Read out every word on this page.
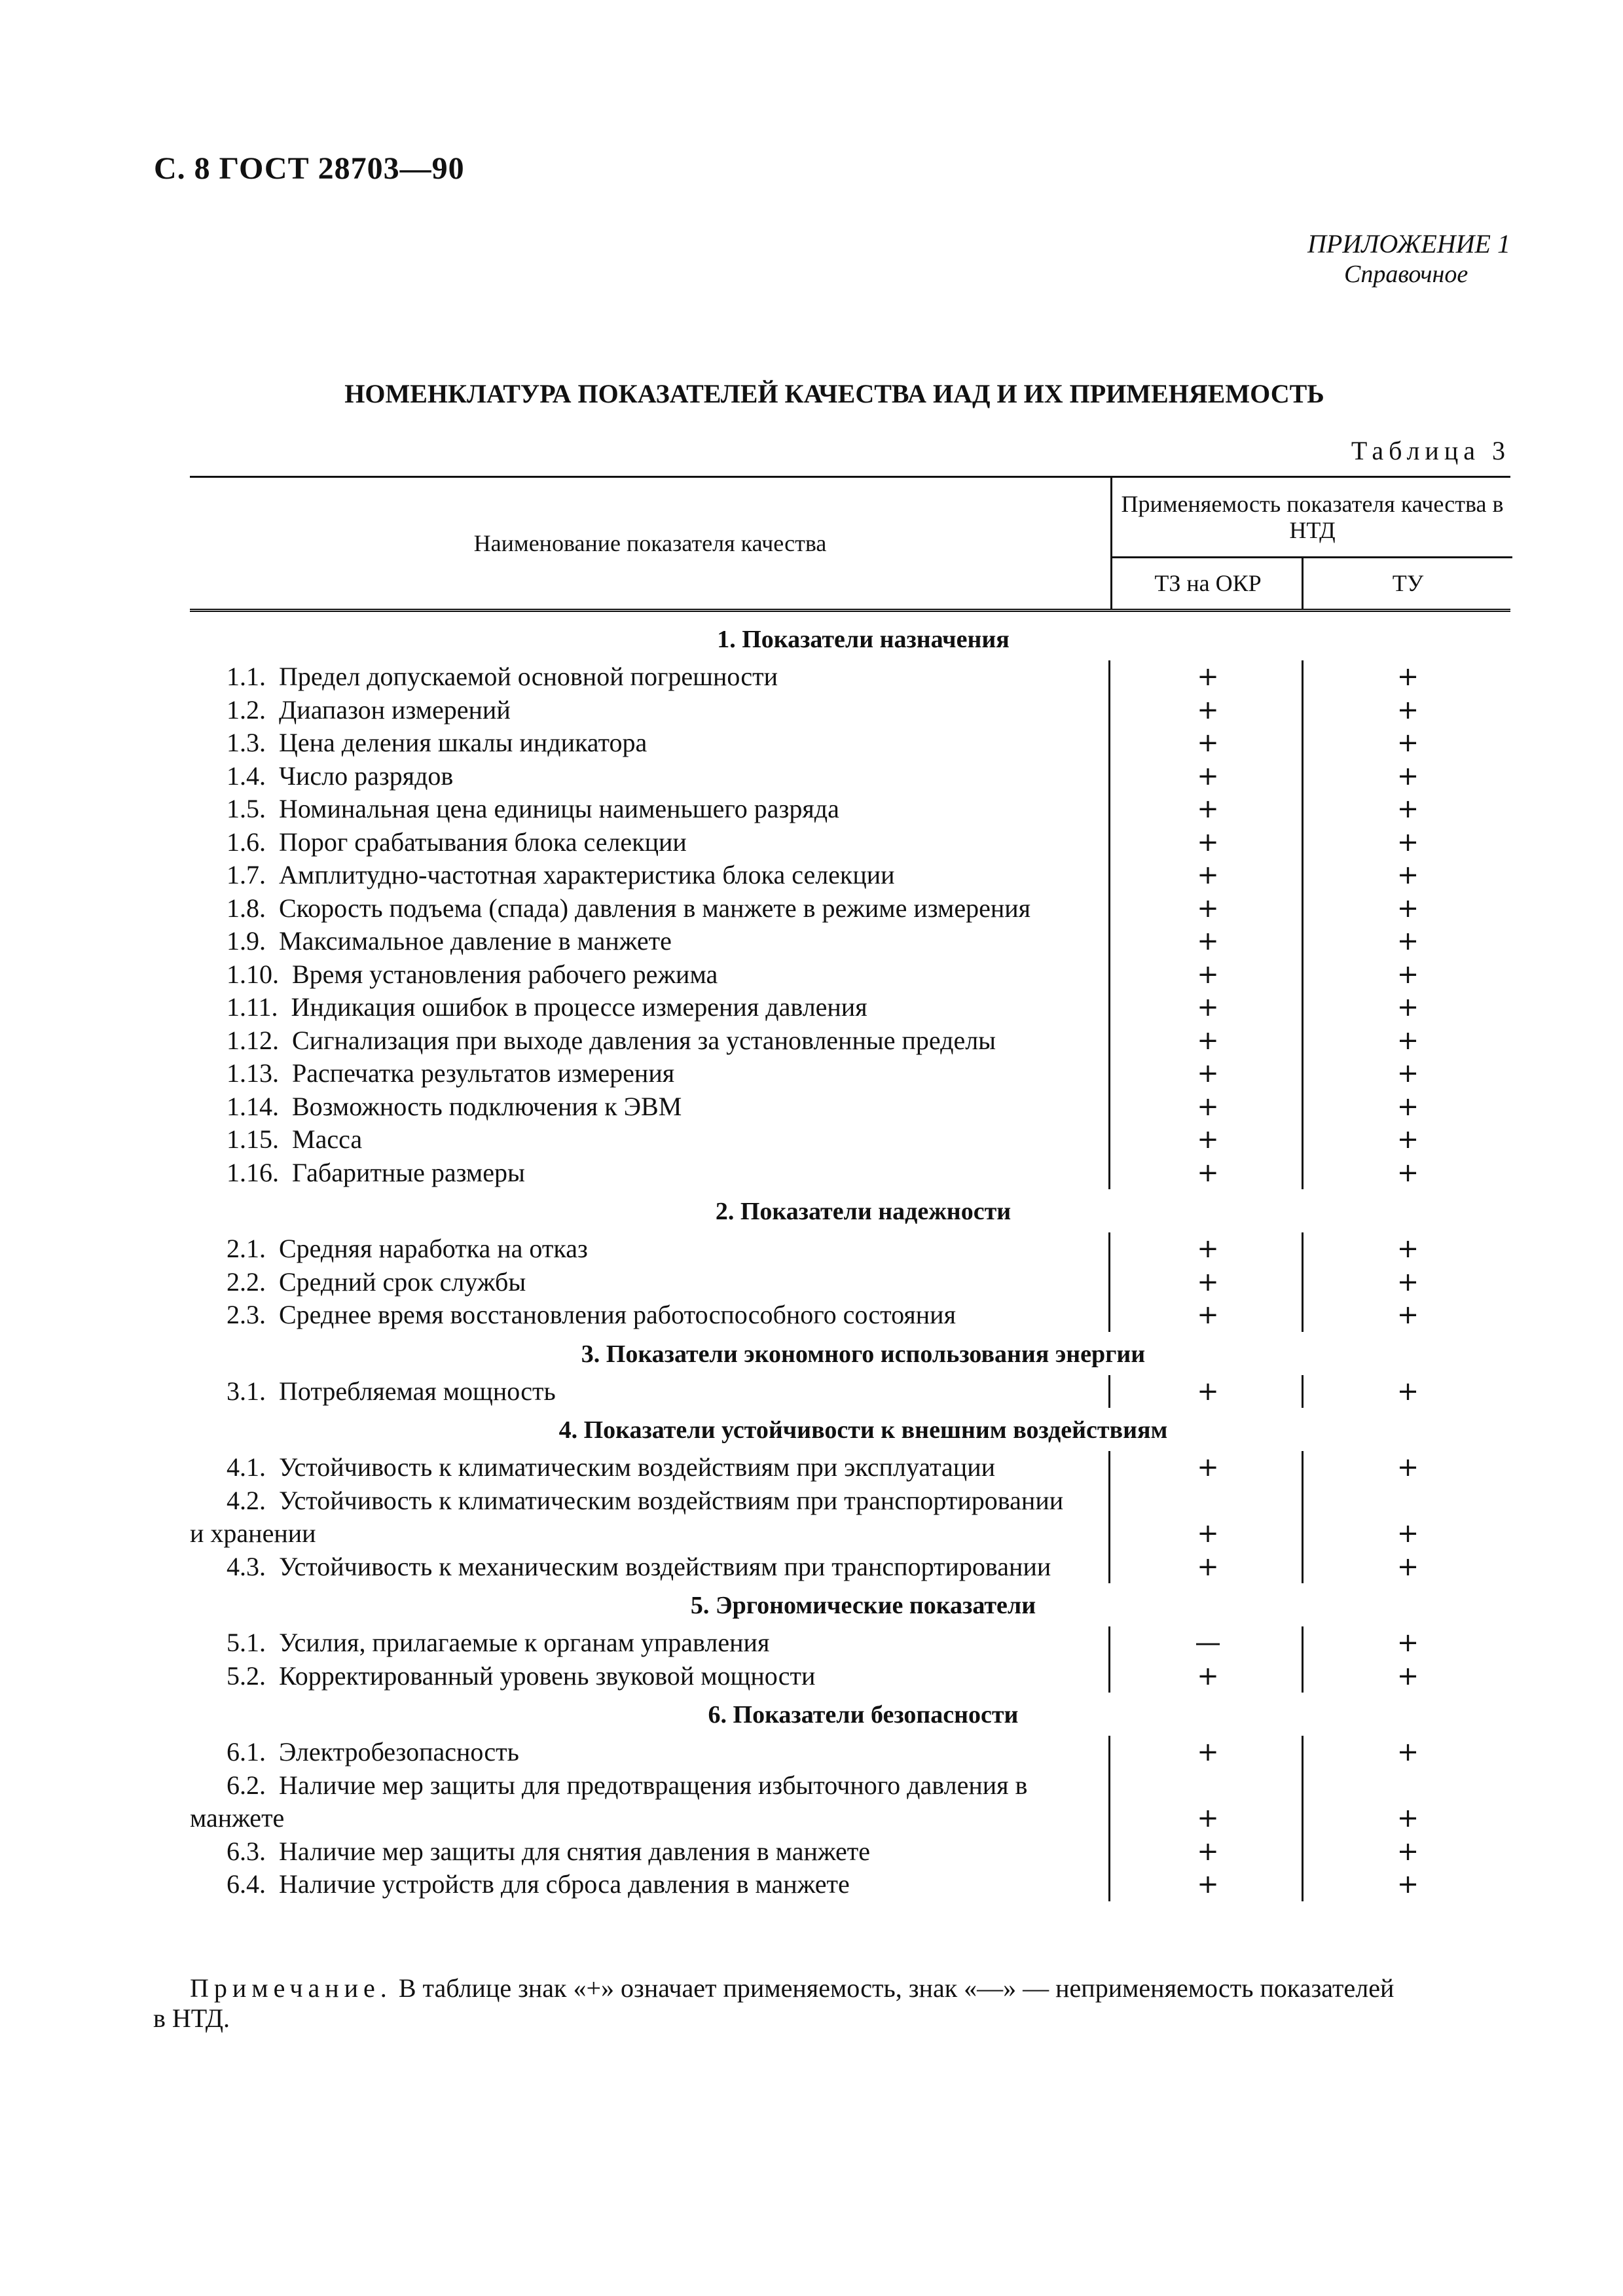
С. 8 ГОСТ 28703—90
ПРИЛОЖЕНИЕ 1
Справочное
НОМЕНКЛАТУРА ПОКАЗАТЕЛЕЙ КАЧЕСТВА ИАД И ИХ ПРИМЕНЯЕМОСТЬ
Таблица 3
Наименование показателя качества
Применяемость показателя качества в НТД
ТЗ на ОКР	ТУ
1. Показатели назначения
1.1. Предел допускаемой основной погрешности	+	+
1.2. Диапазон измерений	+	+
1.3. Цена деления шкалы индикатора	+	+
1.4. Число разрядов	+	+
1.5. Номинальная цена единицы наименьшего разряда	+	+
1.6. Порог срабатывания блока селекции	+	+
1.7. Амплитудно-частотная характеристика блока селекции	+	+
1.8. Скорость подъема (спада) давления в манжете в режиме измерения	+	+
1.9. Максимальное давление в манжете	+	+
1.10. Время установления рабочего режима	+	+
1.11. Индикация ошибок в процессе измерения давления	+	+
1.12. Сигнализация при выходе давления за установленные пределы	+	+
1.13. Распечатка результатов измерения	+	+
1.14. Возможность подключения к ЭВМ	+	+
1.15. Масса	+	+
1.16. Габаритные размеры	+	+
2. Показатели надежности
2.1. Средняя наработка на отказ	+	+
2.2. Средний срок службы	+	+
2.3. Среднее время восстановления работоспособного состояния	+	+
3. Показатели экономного использования энергии
3.1. Потребляемая мощность	+	+
4. Показатели устойчивости к внешним воздействиям
4.1. Устойчивость к климатическим воздействиям при эксплуатации	+	+
4.2. Устойчивость к климатическим воздействиям при транспортировании
и хранении	+	+
4.3. Устойчивость к механическим воздействиям при транспортировании	+	+
5. Эргономические показатели
5.1. Усилия, прилагаемые к органам управления	—	+
5.2. Корректированный уровень звуковой мощности	+	+
6. Показатели безопасности
6.1. Электробезопасность	+	+
6.2. Наличие мер защиты для предотвращения избыточного давления в
манжете	+	+
6.3. Наличие мер защиты для снятия давления в манжете	+	+
6.4. Наличие устройств для сброса давления в манжете	+	+
Примечание. В таблице знак «+» означает применяемость, знак «—» — неприменяемость показателей
в НТД.
